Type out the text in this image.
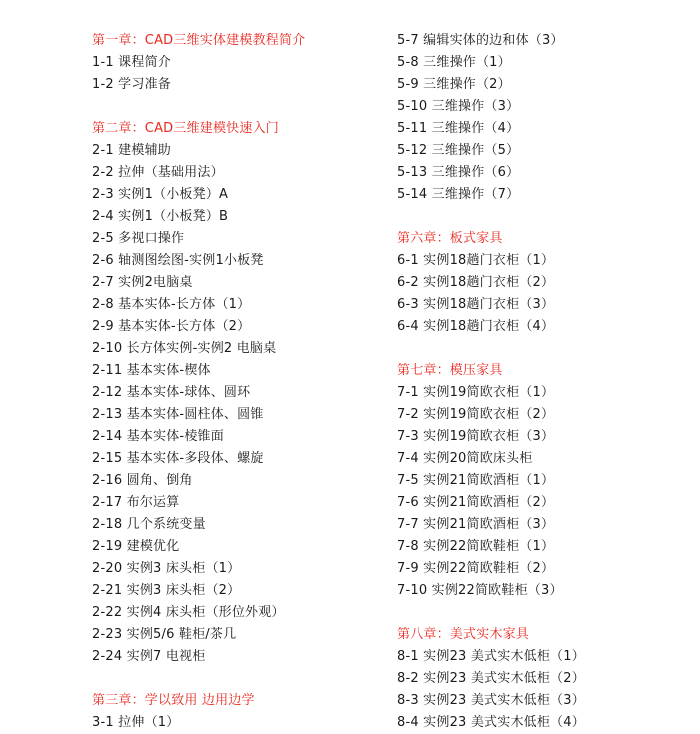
第一章：CAD三维实体建模教程简介
1-1 课程简介
1-2 学习准备
第二章：CAD三维建模快速入门
2-1 建模辅助
2-2 拉伸（基础用法）
2-3 实例1（小板凳）A
2-4 实例1（小板凳）B
2-5 多视口操作
2-6 轴测图绘图-实例1小板凳
2-7 实例2电脑桌
2-8 基本实体-长方体（1）
2-9 基本实体-长方体（2）
2-10 长方体实例-实例2 电脑桌
2-11 基本实体-楔体
2-12 基本实体-球体、圆环
2-13 基本实体-圆柱体、圆锥
2-14 基本实体-棱锥面
2-15 基本实体-多段体、螺旋
2-16 圆角、倒角
2-17 布尔运算
2-18 几个系统变量
2-19 建模优化
2-20 实例3 床头柜（1）
2-21 实例3 床头柜（2）
2-22 实例4 床头柜（形位外观）
2-23 实例5/6 鞋柜/茶几
2-24 实例7 电视柜
第三章：学以致用 边用边学
3-1 拉伸（1）
5-7 编辑实体的边和体（3）
5-8 三维操作（1）
5-9 三维操作（2）
5-10 三维操作（3）
5-11 三维操作（4）
5-12 三维操作（5）
5-13 三维操作（6）
5-14 三维操作（7）
第六章：板式家具
6-1 实例18趟门衣柜（1）
6-2 实例18趟门衣柜（2）
6-3 实例18趟门衣柜（3）
6-4 实例18趟门衣柜（4）
第七章：模压家具
7-1 实例19简欧衣柜（1）
7-2 实例19简欧衣柜（2）
7-3 实例19简欧衣柜（3）
7-4 实例20简欧床头柜
7-5 实例21简欧酒柜（1）
7-6 实例21简欧酒柜（2）
7-7 实例21简欧酒柜（3）
7-8 实例22简欧鞋柜（1）
7-9 实例22简欧鞋柜（2）
7-10 实例22简欧鞋柜（3）
第八章：美式实木家具
8-1 实例23 美式实木低柜（1）
8-2 实例23 美式实木低柜（2）
8-3 实例23 美式实木低柜（3）
8-4 实例23 美式实木低柜（4）
